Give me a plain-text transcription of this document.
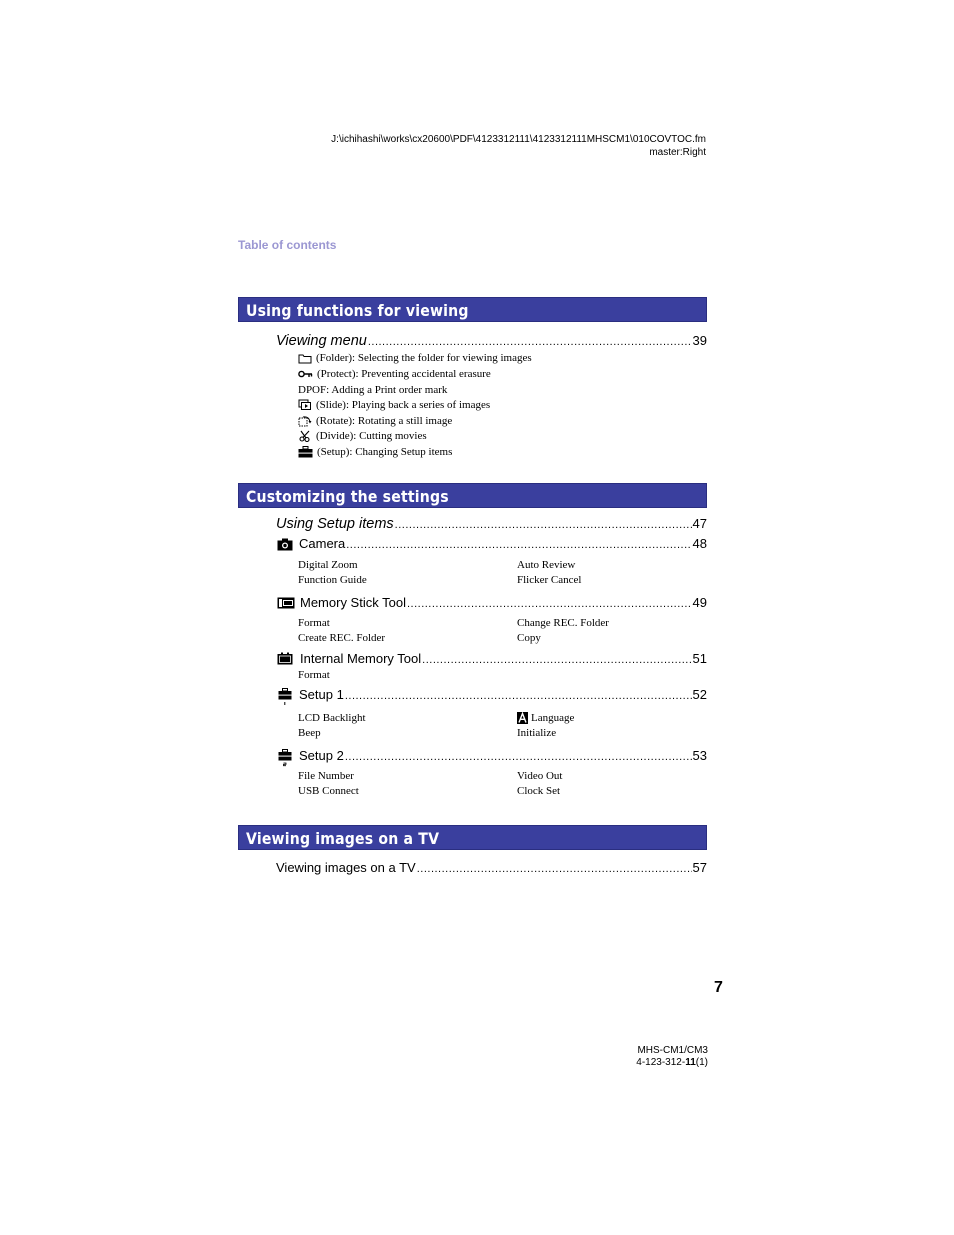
J:\ichihashi\works\cx20600\PDF\4123312111\4123312111MHSCM1\010COVTOC.fm
master:Right
Table of contents
Using functions for viewing
Viewing menu .....	39
(Folder): Selecting the folder for viewing images
(Protect): Preventing accidental erasure
DPOF: Adding a Print order mark
(Slide): Playing back a series of images
(Rotate): Rotating a still image
(Divide): Cutting movies
(Setup): Changing Setup items
Customizing the settings
Using Setup items .....	47
Camera .....	48
Digital Zoom	Auto Review
Function Guide	Flicker Cancel
Memory Stick Tool .....	49
Format	Change REC. Folder
Create REC. Folder	Copy
Internal Memory Tool .....	51
Format
Setup 1 .....	52
LCD Backlight	Language
Beep	Initialize
Setup 2 .....	53
File Number	Video Out
USB Connect	Clock Set
Viewing images on a TV
Viewing images on a TV .....	57
7
MHS-CM1/CM3
4-123-312-11(1)
